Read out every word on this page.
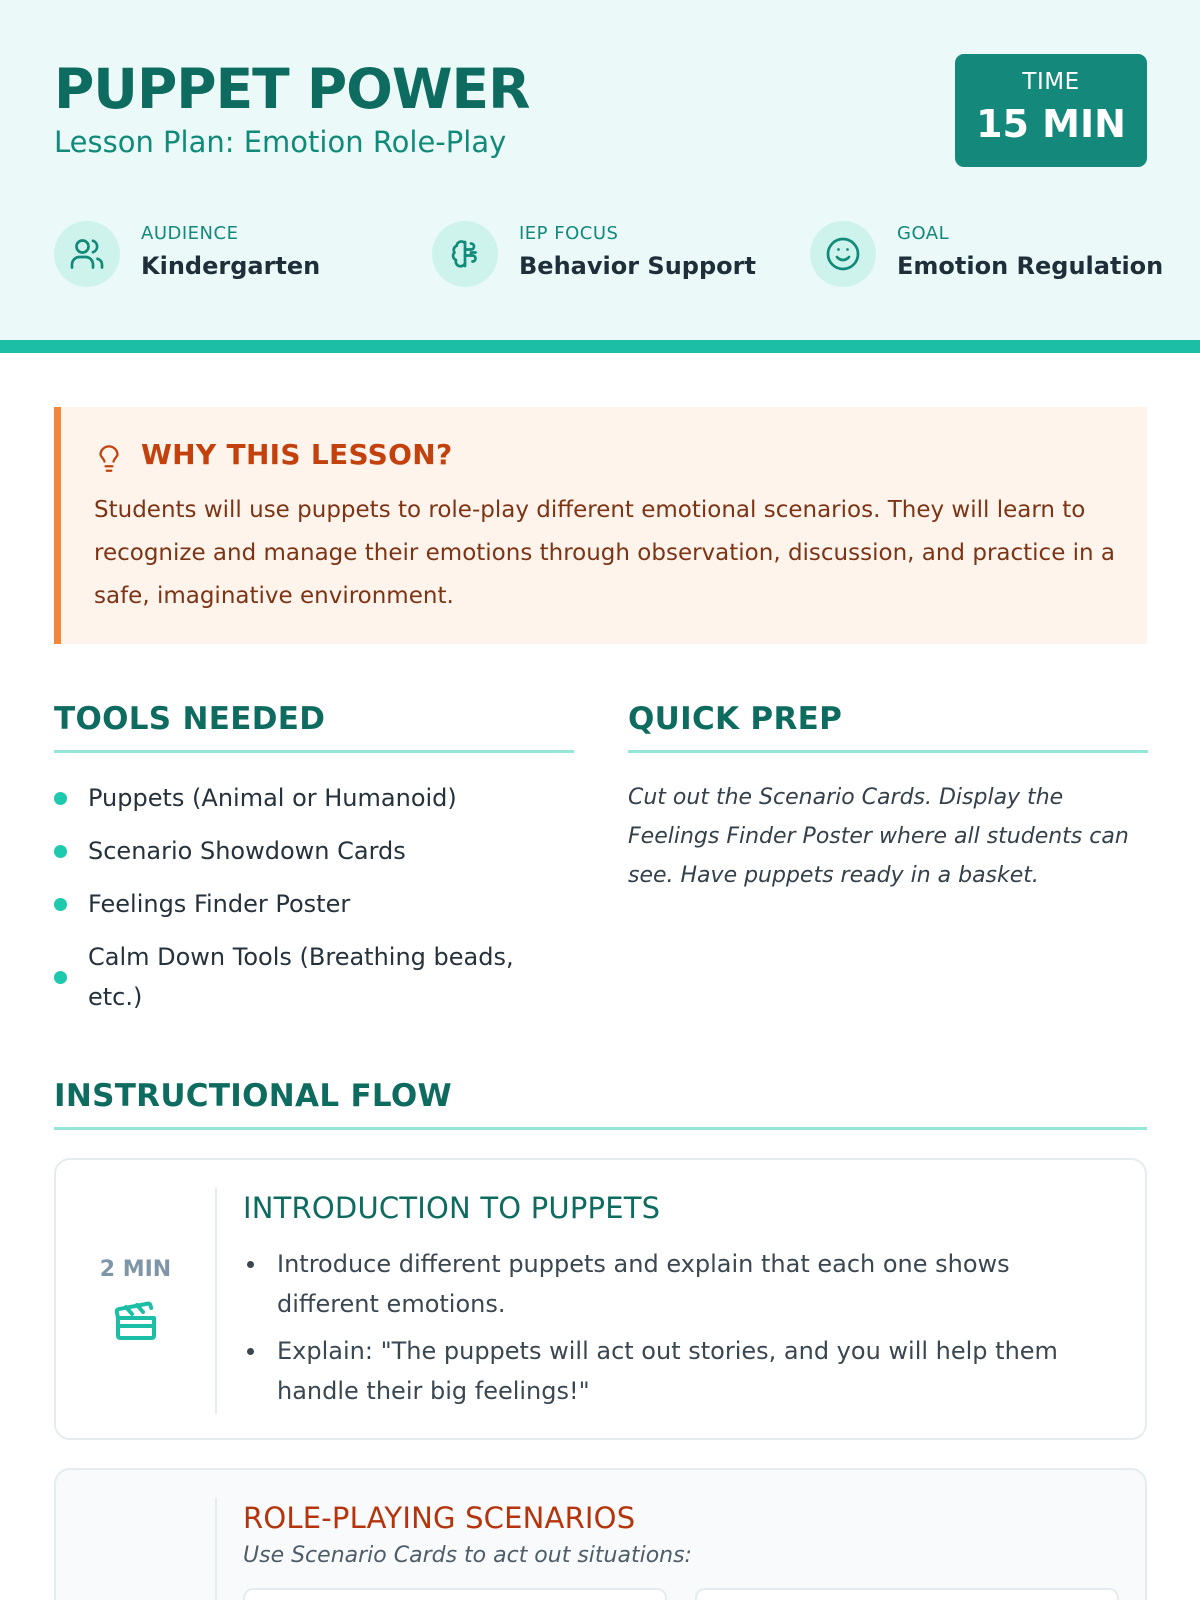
PUPPET POWER
Lesson Plan: Emotion Role-Play
TIME
15 MIN
AUDIENCE
Kindergarten
IEP FOCUS
Behavior Support
GOAL
Emotion Regulation
WHY THIS LESSON?
Students will use puppets to role-play different emotional scenarios. They will learn to recognize and manage their emotions through observation, discussion, and practice in a safe, imaginative environment.
TOOLS NEEDED
Puppets (Animal or Humanoid)
Scenario Showdown Cards
Feelings Finder Poster
Calm Down Tools (Breathing beads, etc.)
QUICK PREP
Cut out the Scenario Cards. Display the Feelings Finder Poster where all students can see. Have puppets ready in a basket.
INSTRUCTIONAL FLOW
2 MIN
INTRODUCTION TO PUPPETS
Introduce different puppets and explain that each one shows different emotions.
Explain: "The puppets will act out stories, and you will help them handle their big feelings!"
ROLE-PLAYING SCENARIOS
Use Scenario Cards to act out situations:
